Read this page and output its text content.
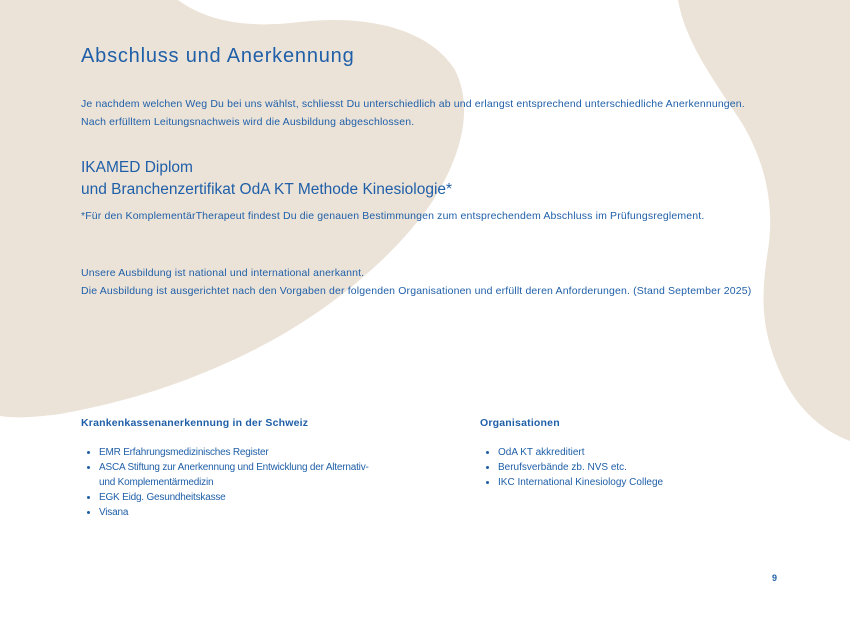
Abschluss und Anerkennung

Je nachdem welchen Weg Du bei uns wählst, schliesst Du unterschiedlich ab und erlangst entsprechend unterschiedliche Anerkennungen.

Nach erfülltem Leitungsnachweis wird die Ausbildung abgeschlossen.

IKAMED Diplom
und Branchenzertifikat OdA KT Methode Kinesiologie*

*Für den KomplementärTherapeut findest Du die genauen Bestimmungen zum entsprechendem Abschluss im Prüfungsreglement.

Unsere Ausbildung ist national und international anerkannt.

Die Ausbildung ist ausgerichtet nach den Vorgaben der folgenden Organisationen und erfüllt deren Anforderungen. (Stand September 2025)

Krankenkassenanerkennung in der Schweiz
• EMR Erfahrungsmedizinisches Register
• ASCA Stiftung zur Anerkennung und Entwicklung der Alternativ- und Komplementärmedizin
• EGK Eidg. Gesundheitskasse
• Visana
Organisationen
• OdA KT akkreditiert
• Berufsverbände zb. NVS etc.
• IKC International Kinesiology College
9
